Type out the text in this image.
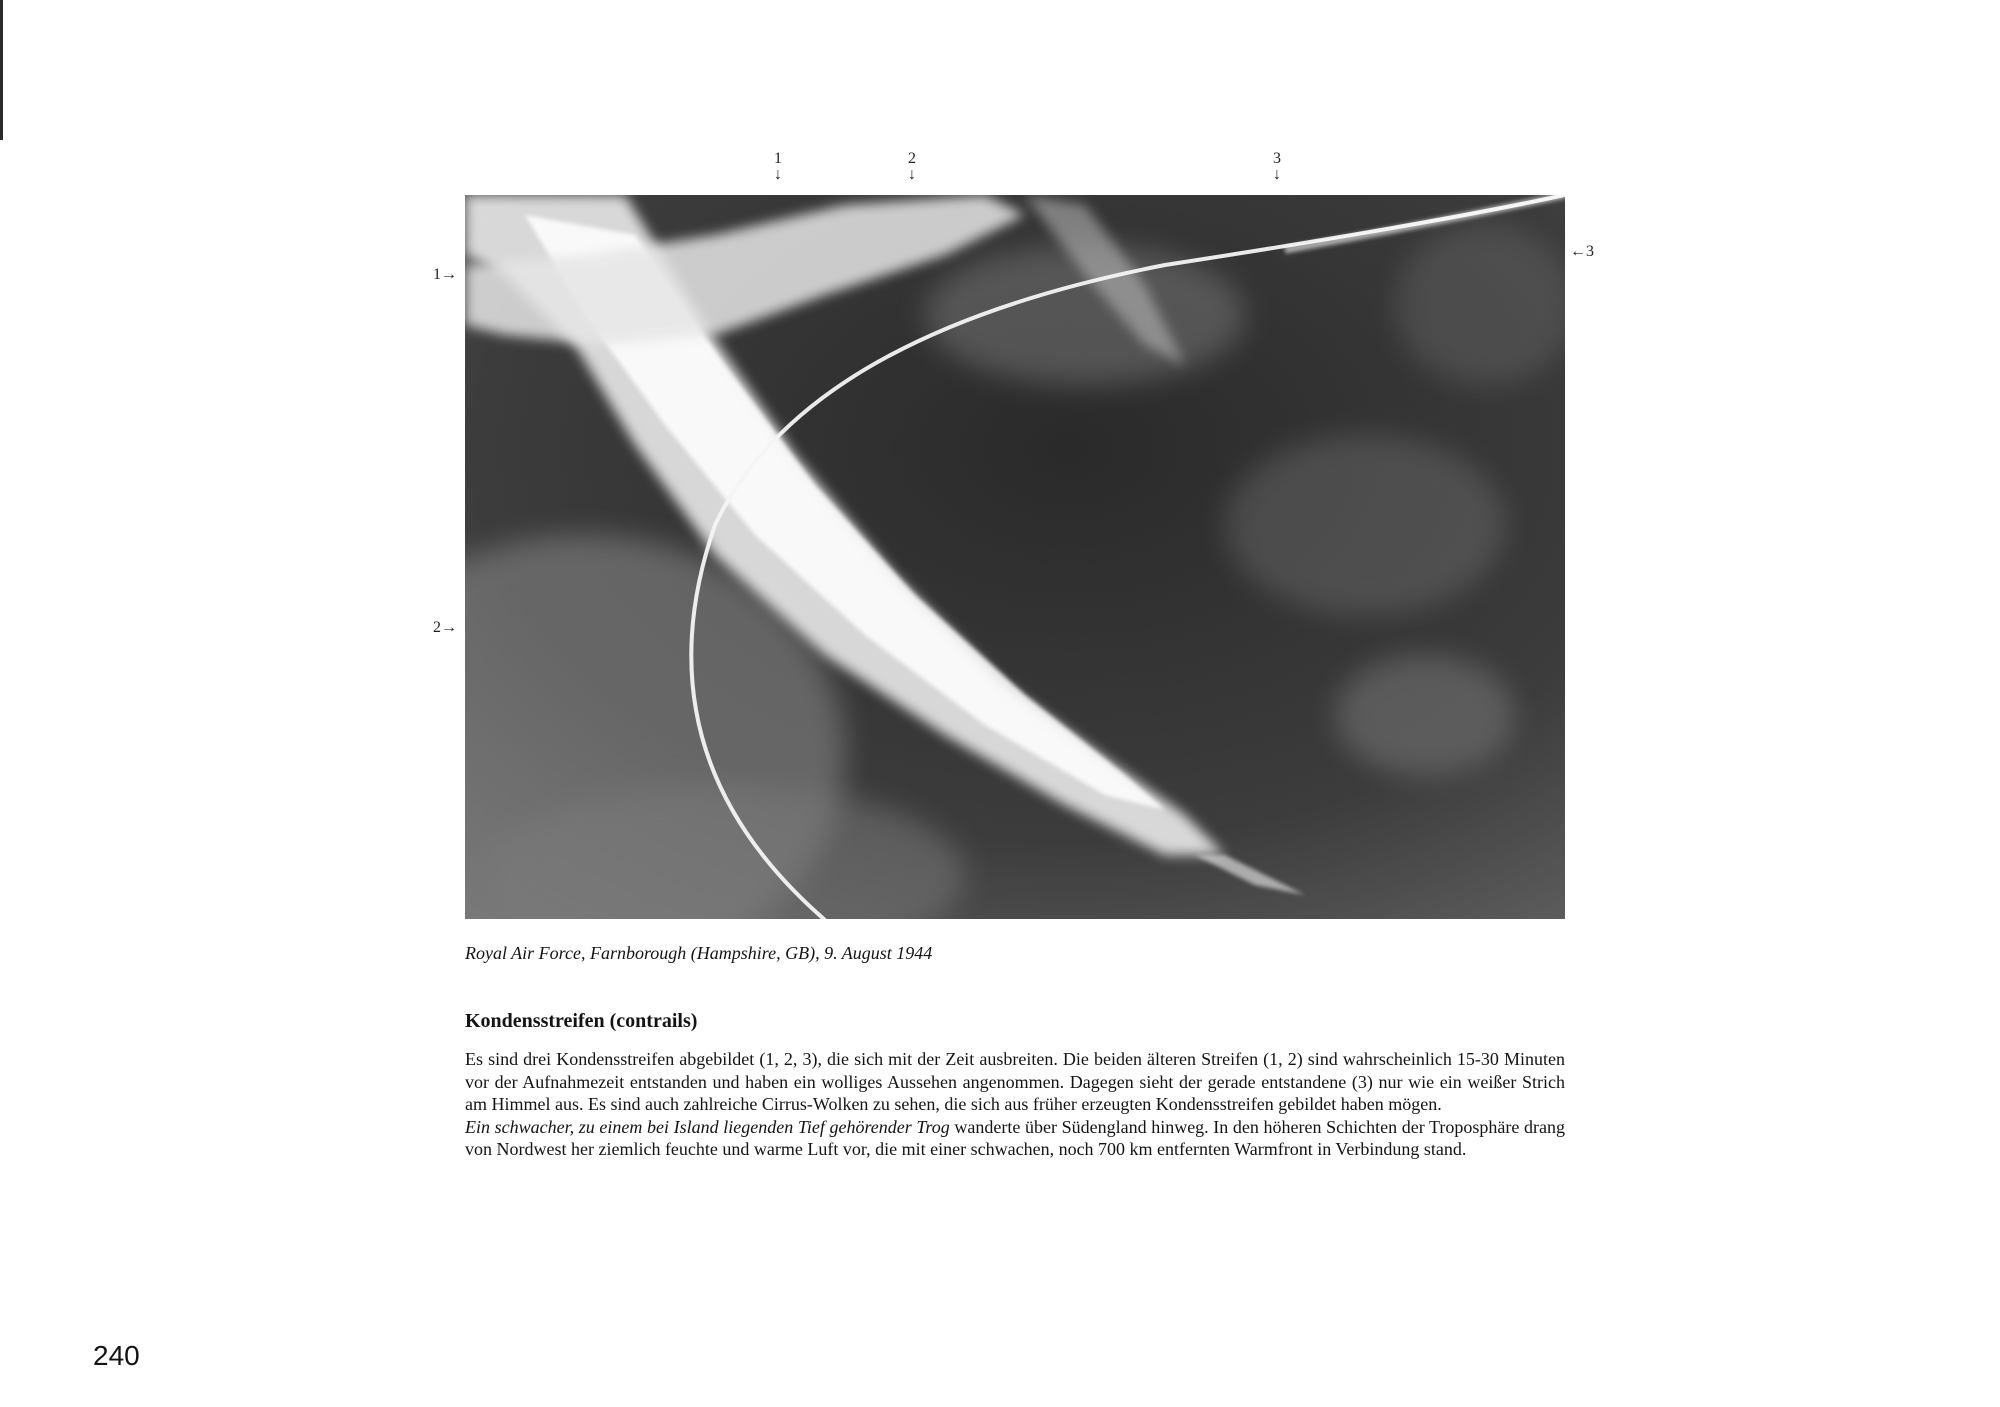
1
↓
2
↓
3
↓
1→
2→
←3
Royal Air Force, Farnborough (Hampshire, GB), 9. August 1944
Kondensstreifen (contrails)

Es sind drei Kondensstreifen abgebildet (1, 2, 3), die sich mit der Zeit ausbreiten. Die beiden älteren Streifen (1, 2) sind wahrscheinlich 15-30 Minuten vor der Aufnahmezeit entstanden und haben ein wolliges Aussehen angenommen. Dagegen sieht der gerade entstandene (3) nur wie ein weißer Strich am Himmel aus. Es sind auch zahlreiche Cirrus-Wolken zu sehen, die sich aus früher erzeugten Kondensstreifen gebildet haben mögen.

Ein schwacher, zu einem bei Island liegenden Tief gehörender Trog wanderte über Südengland hinweg. In den höheren Schichten der Troposphäre drang von Nordwest her ziemlich feuchte und warme Luft vor, die mit einer schwachen, noch 700 km entfernten Warmfront in Verbindung stand.

240
